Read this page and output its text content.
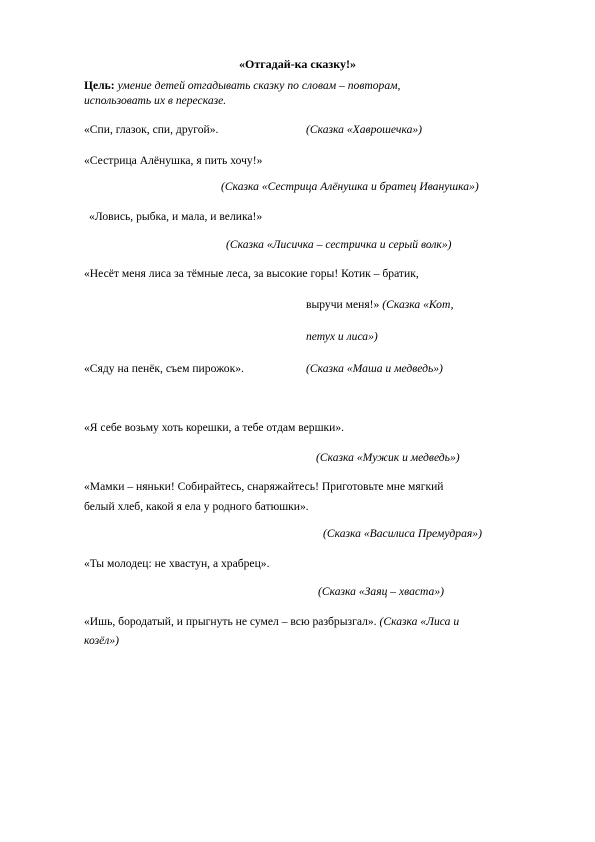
«Отгадай-ка сказку!»
Цель: умение детей отгадывать сказку по словам – повторам,
использовать их в пересказе.
«Спи, глазок, спи, другой».	(Сказка «Хаврошечка»)
«Сестрица Алёнушка, я пить хочу!»
(Сказка «Сестрица Алёнушка и братец Иванушка»)
«Ловись, рыбка, и мала, и велика!»
(Сказка «Лисичка – сестричка и серый волк»)
«Несёт меня лиса за тёмные леса, за высокие горы! Котик – братик,
выручи меня!» (Сказка «Кот,
петух и лиса»)
«Сяду на пенёк, съем пирожок».	(Сказка «Маша и медведь»)
«Я себе возьму хоть корешки, а тебе отдам вершки».
(Сказка «Мужик и медведь»)
«Мамки – няньки! Собирайтесь, снаряжайтесь! Приготовьте мне мягкий
белый хлеб, какой я ела у родного батюшки».
(Сказка «Василиса Премудрая»)
«Ты молодец: не хвастун, а храбрец».
(Сказка «Заяц – хваста»)
«Ишь, бородатый, и прыгнуть не сумел – всю разбрызгал». (Сказка «Лиса и
козёл»)
